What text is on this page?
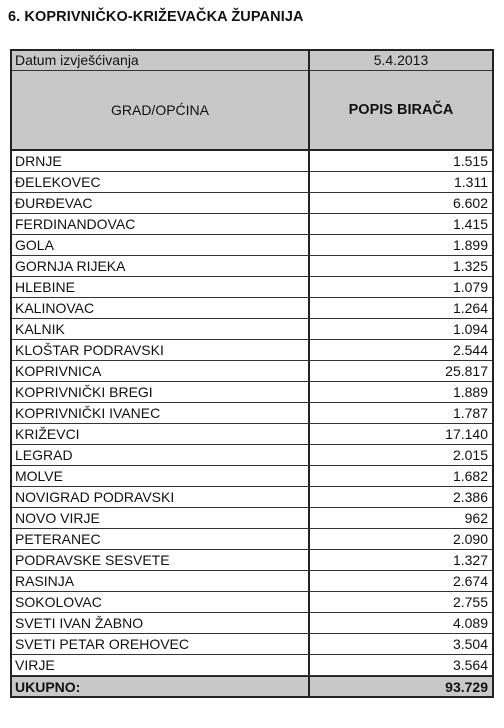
6. KOPRIVNIČKO-KRIŽEVAČKA ŽUPANIJA
Datum izvješćivanja	5.4.2013
GRAD/OPĆINA	POPIS BIRAČA
DRNJE	1.515
ĐELEKOVEC	1.311
ĐURĐEVAC	6.602
FERDINANDOVAC	1.415
GOLA	1.899
GORNJA RIJEKA	1.325
HLEBINE	1.079
KALINOVAC	1.264
KALNIK	1.094
KLOŠTAR PODRAVSKI	2.544
KOPRIVNICA	25.817
KOPRIVNIČKI BREGI	1.889
KOPRIVNIČKI IVANEC	1.787
KRIŽEVCI	17.140
LEGRAD	2.015
MOLVE	1.682
NOVIGRAD PODRAVSKI	2.386
NOVO VIRJE	962
PETERANEC	2.090
PODRAVSKE SESVETE	1.327
RASINJA	2.674
SOKOLOVAC	2.755
SVETI IVAN ŽABNO	4.089
SVETI PETAR OREHOVEC	3.504
VIRJE	3.564
UKUPNO:	93.729
